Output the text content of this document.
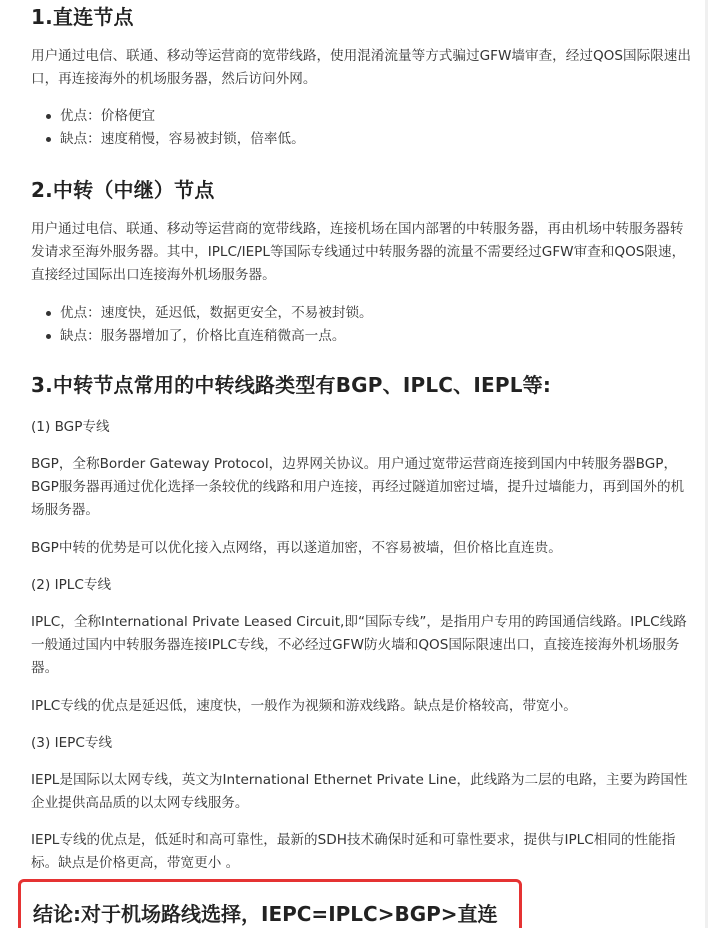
1.直连节点

用户通过电信、联通、移动等运营商的宽带线路，使用混淆流量等方式骗过GFW墙审查，经过QOS国际限速出口，再连接海外的机场服务器，然后访问外网。

优点：价格便宜
缺点：速度稍慢，容易被封锁，倍率低。
2.中转（中继）节点

用户通过电信、联通、移动等运营商的宽带线路，连接机场在国内部署的中转服务器，再由机场中转服务器转发请求至海外服务器。其中，IPLC/IEPL等国际专线通过中转服务器的流量不需要经过GFW审查和QOS限速，直接经过国际出口连接海外机场服务器。

优点：速度快，延迟低，数据更安全，不易被封锁。
缺点：服务器增加了，价格比直连稍微高一点。
3.中转节点常用的中转线路类型有BGP、IPLC、IEPL等:

(1) BGP专线

BGP，全称Border Gateway Protocol，边界网关协议。用户通过宽带运营商连接到国内中转服务器BGP，BGP服务器再通过优化选择一条较优的线路和用户连接，再经过隧道加密过墙，提升过墙能力，再到国外的机场服务器。

BGP中转的优势是可以优化接入点网络，再以遂道加密，不容易被墙，但价格比直连贵。

(2) IPLC专线

IPLC，全称International Private Leased Circuit,即“国际专线”，是指用户专用的跨国通信线路。IPLC线路一般通过国内中转服务器连接IPLC专线，不必经过GFW防火墙和QOS国际限速出口，直接连接海外机场服务器。

IPLC专线的优点是延迟低，速度快，一般作为视频和游戏线路。缺点是价格较高，带宽小。

(3) IEPC专线

IEPL是国际以太网专线，英文为International Ethernet Private Line，此线路为二层的电路，主要为跨国性企业提供高品质的以太网专线服务。

IEPL专线的优点是，低延时和高可靠性，最新的SDH技术确保时延和可靠性要求，提供与IPLC相同的性能指标。缺点是价格更高，带宽更小 。

结论:对于机场路线选择，IEPC=IPLC>BGP>直连
